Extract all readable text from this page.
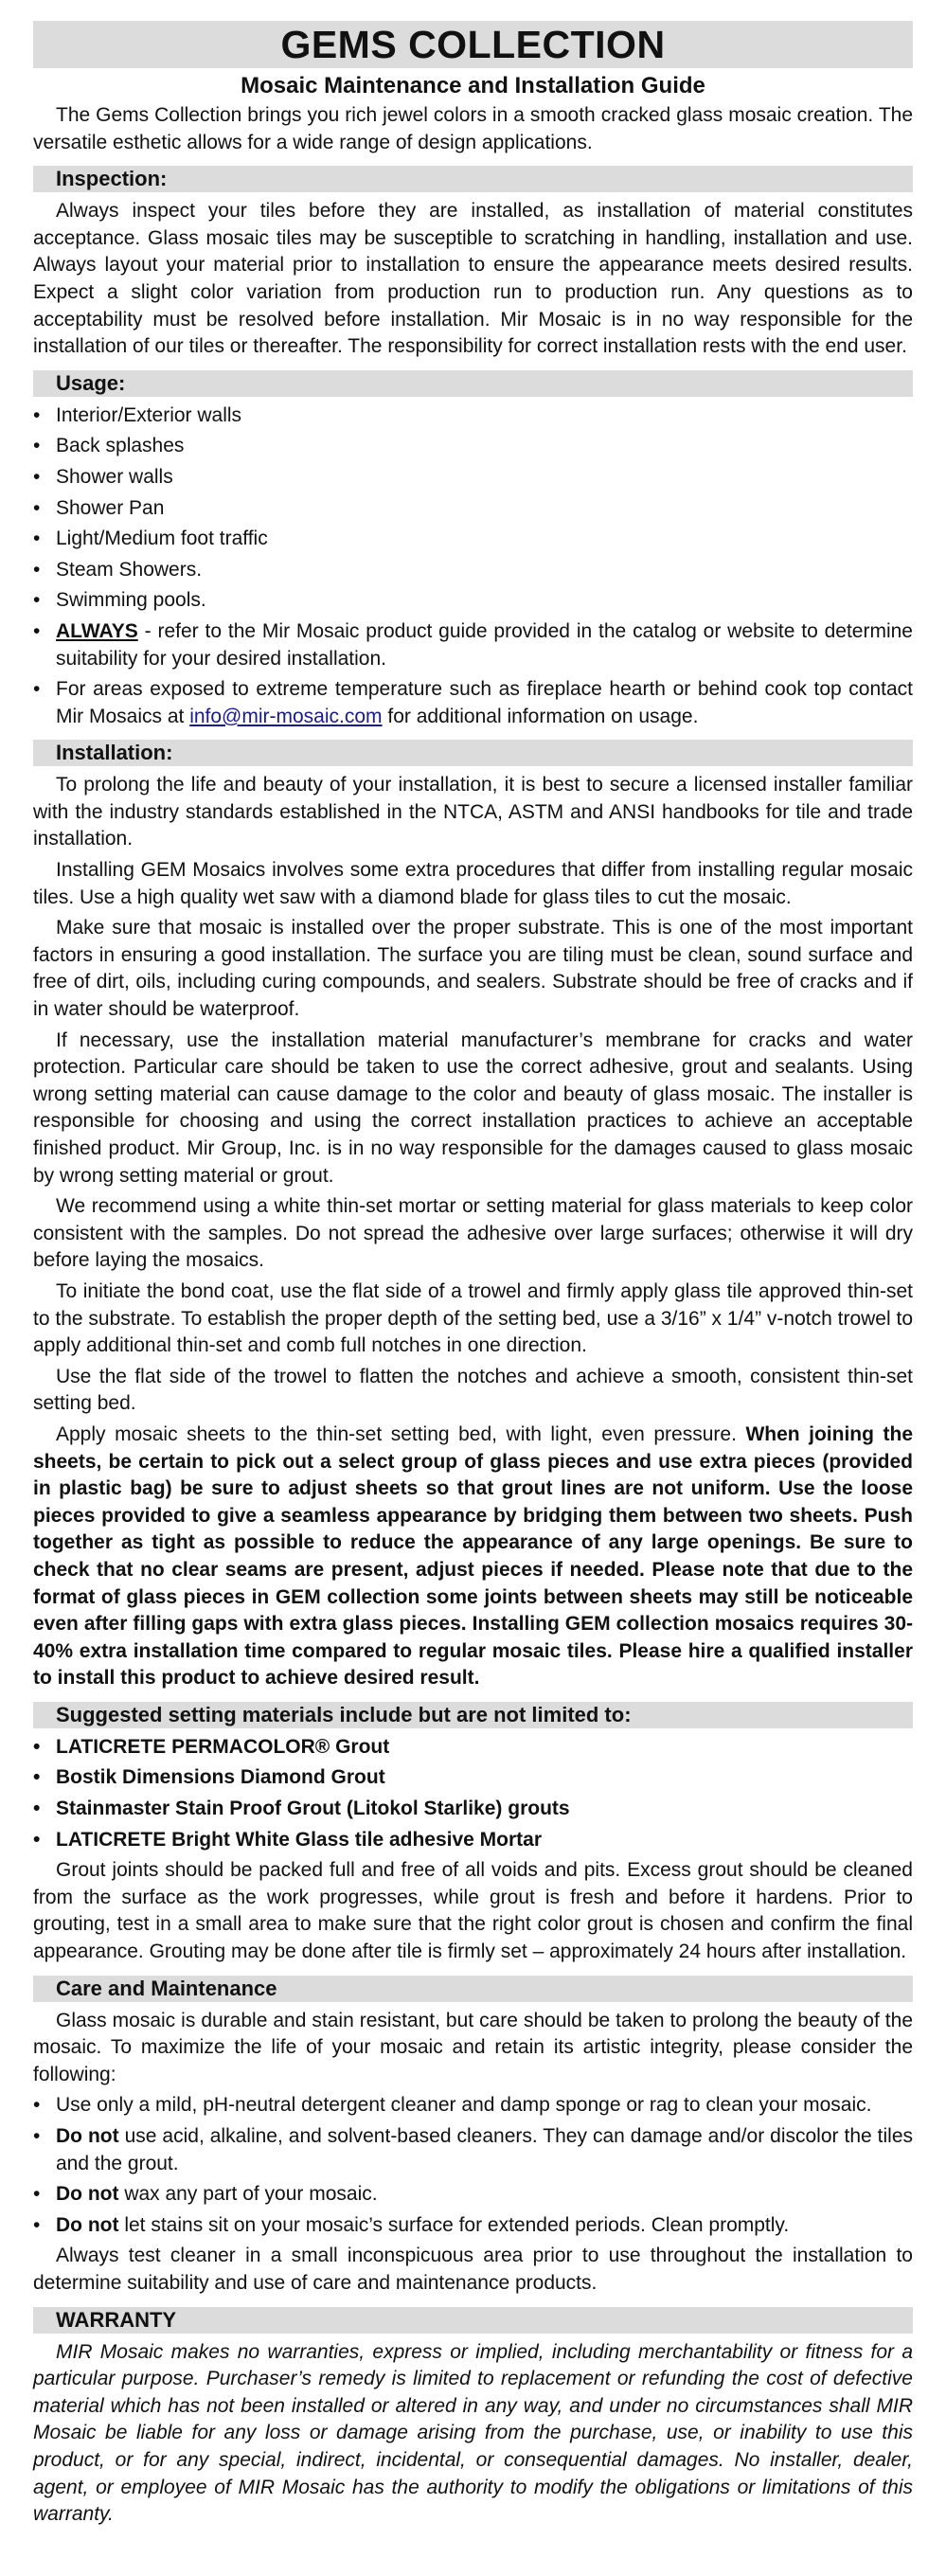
GEMS COLLECTION
Mosaic Maintenance and Installation Guide

The Gems Collection brings you rich jewel colors in a smooth cracked glass mosaic creation. The versatile esthetic allows for a wide range of design applications.

Inspection:

Always inspect your tiles before they are installed, as installation of material constitutes acceptance. Glass mosaic tiles may be susceptible to scratching in handling, installation and use. Always layout your material prior to installation to ensure the appearance meets desired results. Expect a slight color variation from production run to production run. Any questions as to acceptability must be resolved before installation. Mir Mosaic is in no way responsible for the installation of our tiles or thereafter. The responsibility for correct installation rests with the end user.

Usage:
• Interior/Exterior walls
• Back splashes
• Shower walls
• Shower Pan
• Light/Medium foot traffic
• Steam Showers.
• Swimming pools.
• ALWAYS - refer to the Mir Mosaic product guide provided in the catalog or website to determine suitability for your desired installation.
• For areas exposed to extreme temperature such as fireplace hearth or behind cook top contact Mir Mosaics at info@mir-mosaic.com for additional information on usage.
Installation:

To prolong the life and beauty of your installation, it is best to secure a licensed installer familiar with the industry standards established in the NTCA, ASTM and ANSI handbooks for tile and trade installation.

Installing GEM Mosaics involves some extra procedures that differ from installing regular mosaic tiles. Use a high quality wet saw with a diamond blade for glass tiles to cut the mosaic.

Make sure that mosaic is installed over the proper substrate. This is one of the most important factors in ensuring a good installation. The surface you are tiling must be clean, sound surface and free of dirt, oils, including curing compounds, and sealers. Substrate should be free of cracks and if in water should be waterproof.

If necessary, use the installation material manufacturer’s membrane for cracks and water protection. Particular care should be taken to use the correct adhesive, grout and sealants. Using wrong setting material can cause damage to the color and beauty of glass mosaic. The installer is responsible for choosing and using the correct installation practices to achieve an acceptable finished product. Mir Group, Inc. is in no way responsible for the damages caused to glass mosaic by wrong setting material or grout.

We recommend using a white thin-set mortar or setting material for glass materials to keep color consistent with the samples. Do not spread the adhesive over large surfaces; otherwise it will dry before laying the mosaics.

To initiate the bond coat, use the flat side of a trowel and firmly apply glass tile approved thin-set to the substrate. To establish the proper depth of the setting bed, use a 3/16” x 1/4” v-notch trowel to apply additional thin-set and comb full notches in one direction.

Use the flat side of the trowel to flatten the notches and achieve a smooth, consistent thin-set setting bed.

Apply mosaic sheets to the thin-set setting bed, with light, even pressure. When joining the sheets, be certain to pick out a select group of glass pieces and use extra pieces (provided in plastic bag) be sure to adjust sheets so that grout lines are not uniform. Use the loose pieces provided to give a seamless appearance by bridging them between two sheets. Push together as tight as possible to reduce the appearance of any large openings. Be sure to check that no clear seams are present, adjust pieces if needed. Please note that due to the format of glass pieces in GEM collection some joints between sheets may still be noticeable even after filling gaps with extra glass pieces. Installing GEM collection mosaics requires 30-40% extra installation time compared to regular mosaic tiles. Please hire a qualified installer to install this product to achieve desired result.

Suggested setting materials include but are not limited to:
• LATICRETE PERMACOLOR® Grout
• Bostik Dimensions Diamond Grout
• Stainmaster Stain Proof Grout (Litokol Starlike) grouts
• LATICRETE Bright White Glass tile adhesive Mortar

Grout joints should be packed full and free of all voids and pits. Excess grout should be cleaned from the surface as the work progresses, while grout is fresh and before it hardens. Prior to grouting, test in a small area to make sure that the right color grout is chosen and confirm the final appearance. Grouting may be done after tile is firmly set – approximately 24 hours after installation.

Care and Maintenance

Glass mosaic is durable and stain resistant, but care should be taken to prolong the beauty of the mosaic. To maximize the life of your mosaic and retain its artistic integrity, please consider the following:

• Use only a mild, pH-neutral detergent cleaner and damp sponge or rag to clean your mosaic.
• Do not use acid, alkaline, and solvent-based cleaners. They can damage and/or discolor the tiles and the grout.
• Do not wax any part of your mosaic.
• Do not let stains sit on your mosaic’s surface for extended periods. Clean promptly.

Always test cleaner in a small inconspicuous area prior to use throughout the installation to determine suitability and use of care and maintenance products.

WARRANTY

MIR Mosaic makes no warranties, express or implied, including merchantability or fitness for a particular purpose. Purchaser’s remedy is limited to replacement or refunding the cost of defective material which has not been installed or altered in any way, and under no circumstances shall MIR Mosaic be liable for any loss or damage arising from the purchase, use, or inability to use this product, or for any special, indirect, incidental, or consequential damages. No installer, dealer, agent, or employee of MIR Mosaic has the authority to modify the obligations or limitations of this warranty.
